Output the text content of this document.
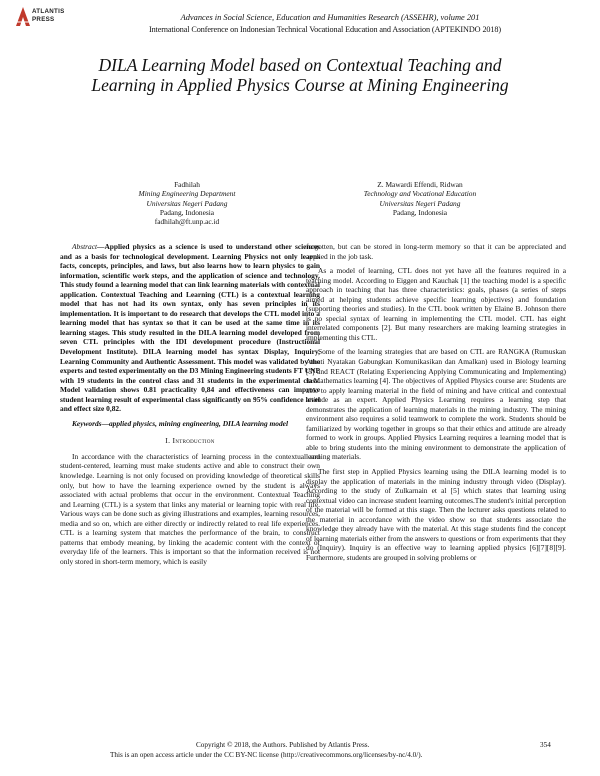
ATLANTIS
PRESS	Advances in Social Science, Education and Humanities Research (ASSEHR), volume 201
International Conference on Indonesian Technical Vocational Education and Association (APTEKINDO 2018)
DILA Learning Model based on Contextual Teaching and Learning in Applied Physics Course at Mining Engineering
Fadhilah
Mining Engineering Department
Universitas Negeri Padang
Padang, Indonesia
fadhilah@ft.unp.ac.id
Z. Mawardi Effendi, Ridwan
Technology and Vocational Education
Universitas Negeri Padang
Padang, Indonesia

Abstract—Applied physics as a science is used to understand other sciences and as a basis for technological development. Learning Physics not only learns facts, concepts, principles, and laws, but also learns how to learn physics to gain information, scientific work steps, and the application of science and technology. This study found a learning model that can link learning materials with contextual application. Contextual Teaching and Learning (CTL) is a contextual learning model that has not had its own syntax, only has seven principles in its implementation. It is important to do research that develops the CTL model into a learning model that has syntax so that it can be used at the same time in its learning stages. This study resulted in the DILA learning model developed from seven CTL principles with the IDI development procedure (Instructional Development Institute). DILA learning model has syntax Display, Inquiry, Learning Community and Authentic Assessment. This model was validated by the experts and tested experimentally on the D3 Mining Engineering students FT UNP with 19 students in the control class and 31 students in the experimental class. Model validation shows 0.81 practicality 0,84 and effectiveness can improve student learning result of experimental class significantly on 95% confidence level and effect size 0,82.

Keywords—applied physics, mining engineering, DILA learning model

I. Introduction

In accordance with the characteristics of learning process in the contextual and student-centered, learning must make students active and able to construct their own knowledge. Learning is not only focused on providing knowledge of theoretical skills only, but how to have the learning experience owned by the student is always associated with actual problems that occur in the environment. Contextual Teaching and Learning (CTL) is a system that links any material or learning topic with real life. Various ways can be done such as giving illustrations and examples, learning resources, media and so on, which are either directly or indirectly related to real life experiences. CTL is a learning system that matches the performance of the brain, to construct patterns that embody meaning, by linking the academic content with the context of everyday life of the learners. This is important so that the information received is not only stored in short-term memory, which is easily

forgotten, but can be stored in long-term memory so that it can be appreciated and applied in the job task.

As a model of learning, CTL does not yet have all the features required in a teaching model. According to Eiggen and Kauchak [1] the teaching model is a specific approach in teaching that has three characteristics: goals, phases (a series of steps aimed at helping students achieve specific learning objectives) and foundation (supporting theories and studies). In the CTL book written by Elaine B. Johnson there is no special syntax of learning in implementing the CTL model. CTL has eight interrelated components [2]. But many researchers are making learning strategies in implementing this CTL.

Some of the learning strategies that are based on CTL are RANGKA (Rumuskan Amati Nyatakan Gabungkan Komunikasikan dan Amalkan) used in Biology learning [3] and REACT (Relating Experiencing Applying Communicating and Implementing) in Mathematics learning [4]. The objectives of Applied Physics course are: Students are able to apply learning material in the field of mining and have critical and contextual attitude as an expert. Applied Physics Learning requires a learning step that demonstrates the application of learning materials in the mining industry. The mining environment also requires a solid teamwork to complete the work. Students should be familiarized by working together in groups so that their ethics and attitude are already formed to work in groups. Applied Physics Learning requires a learning model that is able to bring students into the mining environment to demonstrate the application of learning materials.

The first step in Applied Physics learning using the DILA learning model is to display the application of materials in the mining industry through video (Display). According to the study of Zulkarnain et al [5] which states that learning using contextual video can increase student learning outcomes.The student's initial perception of the material will be formed at this stage. Then the lecturer asks questions related to the material in accordance with the video show so that students associate the knowledge they already have with the material. At this stage students find the concept of learning materials either from the answers to questions or from experiments that they do (Inquiry). Inquiry is an effective way to learning applied physics [6][7][8][9]. Furthermore, students are grouped in solving problems or

Copyright © 2018, the Authors. Published by Atlantis Press.
This is an open access article under the CC BY-NC license (http://creativecommons.org/licenses/by-nc/4.0/).
354
